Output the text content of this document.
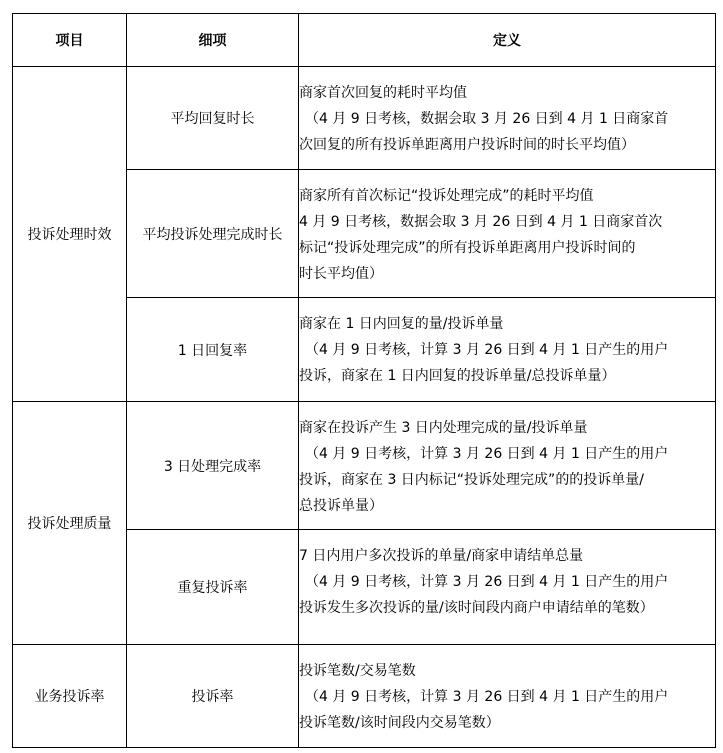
项目	细项	定义
投诉处理时效	平均回复时长	商家首次回复的耗时平均值
（4 月 9 日考核，数据会取 3 月 26 日到 4 月 1 日商家首
次回复的所有投诉单距离用户投诉时间的时长平均值）

	平均投诉处理完成时长	商家所有首次标记“投诉处理完成”的耗时平均值
4 月 9 日考核，数据会取 3 月 26 日到 4 月 1 日商家首次
标记“投诉处理完成”的所有投诉单距离用户投诉时间的
时长平均值）

	1 日回复率	商家在 1 日内回复的量/投诉单量
（4 月 9 日考核，计算 3 月 26 日到 4 月 1 日产生的用户
投诉，商家在 1 日内回复的投诉单量/总投诉单量）

投诉处理质量	3 日处理完成率	商家在投诉产生 3 日内处理完成的量/投诉单量
（4 月 9 日考核，计算 3 月 26 日到 4 月 1 日产生的用户
投诉，商家在 3 日内标记“投诉处理完成”的的投诉单量/
总投诉单量）

	重复投诉率	7 日内用户多次投诉的单量/商家申请结单总量
（4 月 9 日考核，计算 3 月 26 日到 4 月 1 日产生的用户
投诉发生多次投诉的量/该时间段内商户申请结单的笔数）

业务投诉率	投诉率	投诉笔数/交易笔数
（4 月 9 日考核，计算 3 月 26 日到 4 月 1 日产生的用户
投诉笔数/该时间段内交易笔数）
